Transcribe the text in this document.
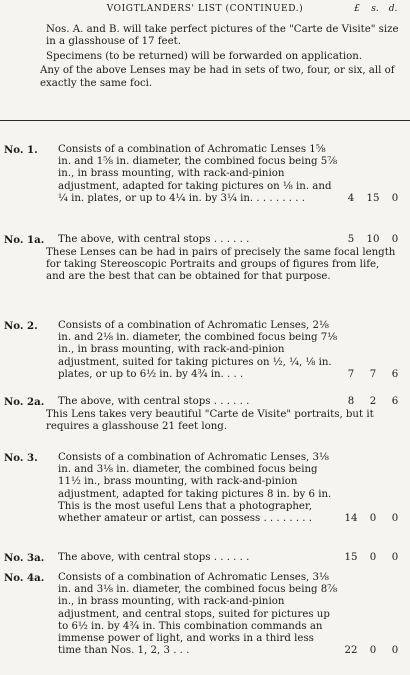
VOIGTLANDERS' LIST (CONTINUED.)	£ s. d.

Nos. A. and B. will take perfect pictures of the "Carte de Visite" size in a glasshouse of 17 feet.

Specimens (to be returned) will be forwarded on application.

Any of the above Lenses may be had in sets of two, four, or six, all of exactly the same foci.

No. 1. Consists of a combination of Achromatic Lenses 1⅝ in. and 1⅝ in. diameter, the combined focus being 5⅞ in., in brass mounting, with rack-and-pinion adjustment, adapted for taking pictures on ⅛ in. and ¼ in. plates, or up to 4¼ in. by 3¼ in. . . . . . . . .	4	15	0
No. 1a. The above, with central stops . . . . . .	5	10	0
These Lenses can be had in pairs of precisely the same focal length for taking Stereoscopic Portraits and groups of figures from life, and are the best that can be obtained for that purpose.
No. 2. Consists of a combination of Achromatic Lenses, 2⅛ in. and 2⅛ in. diameter, the combined focus being 7⅛ in., in brass mounting, with rack-and-pinion adjustment, suited for taking pictures on ½, ¼, ⅛ in. plates, or up to 6½ in. by 4¾ in. . . .	7	7	6
No. 2a. The above, with central stops . . . . . .	8	2	6
This Lens takes very beautiful "Carte de Visite" portraits, but it requires a glasshouse 21 feet long.
No. 3. Consists of a combination of Achromatic Lenses, 3⅛ in. and 3⅛ in. diameter, the combined focus being 11½ in., brass mounting, with rack-and-pinion adjustment, adapted for taking pictures 8 in. by 6 in. This is the most useful Lens that a photographer, whether amateur or artist, can possess . . . . . . . .	14	0	0
No. 3a. The above, with central stops . . . . . .	15	0	0
No. 4a. Consists of a combination of Achromatic Lenses, 3⅛ in. and 3⅛ in. diameter, the combined focus being 8⅞ in., in brass mounting, with rack-and-pinion adjustment, and central stops, suited for pictures up to 6½ in. by 4¾ in. This combination commands an immense power of light, and works in a third less time than Nos. 1, 2, 3 . . .	22	0	0
